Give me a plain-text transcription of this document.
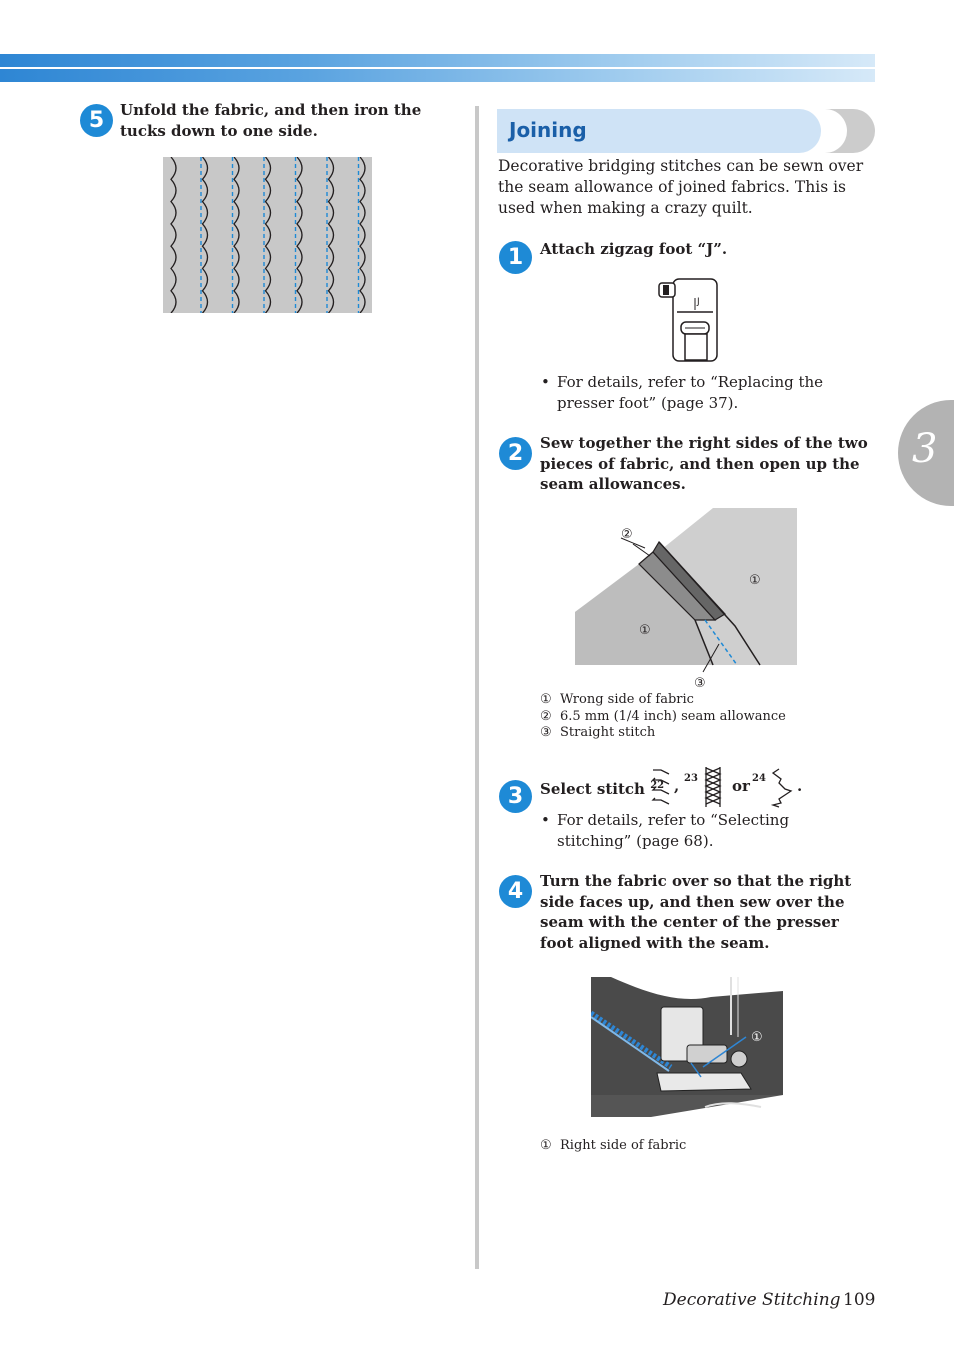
3
5	Unfold the fabric, and then iron the tucks down to one side.	Joining
Decorative bridging stitches can be sewn over the seam allowance of joined fabrics. This is used when making a crazy quilt.
1	Attach zigzag foot “J”.
J
• For details, refer to “Replacing the presser foot” (page 37).
2	Sew together the right sides of the two pieces of fabric, and then open up the seam allowances.
②
①
①
③
① Wrong side of fabric
② 6.5 mm (1/4 inch) seam allowance
③ Straight stitch
3	Select stitch $^{22}$ , 23 or 24 .
• For details, refer to “Selecting stitching” (page 68).
4	Turn the fabric over so that the right side faces up, and then sew over the seam with the center of the presser foot aligned with the seam.
①
① Right side of fabric
Decorative Stitching 109
